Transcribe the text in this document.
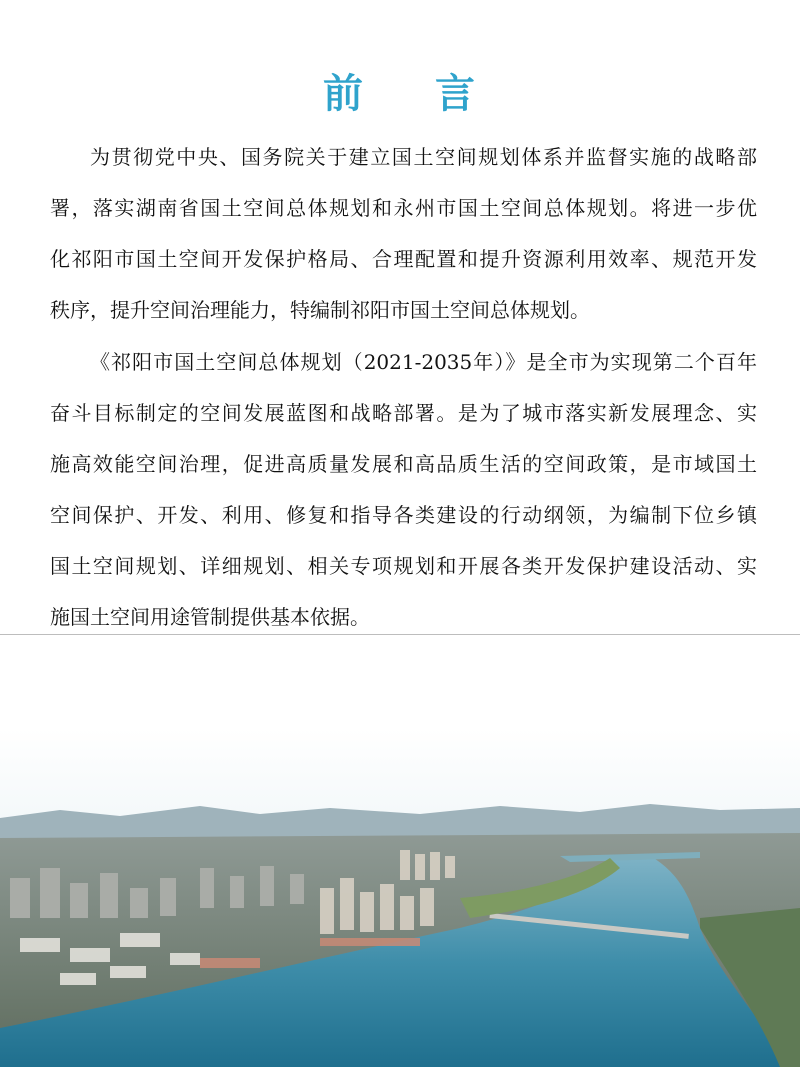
前 言
为贯彻党中央、国务院关于建立国土空间规划体系并监督实施的战略部
署，落实湖南省国土空间总体规划和永州市国土空间总体规划。将进一步优
化祁阳市国土空间开发保护格局、合理配置和提升资源利用效率、规范开发
秩序，提升空间治理能力，特编制祁阳市国土空间总体规划。
《祁阳市国土空间总体规划（2021-2035年）》是全市为实现第二个百年
奋斗目标制定的空间发展蓝图和战略部署。是为了城市落实新发展理念、实
施高效能空间治理，促进高质量发展和高品质生活的空间政策，是市域国土
空间保护、开发、利用、修复和指导各类建设的行动纲领，为编制下位乡镇
国土空间规划、详细规划、相关专项规划和开展各类开发保护建设活动、实
施国土空间用途管制提供基本依据。
